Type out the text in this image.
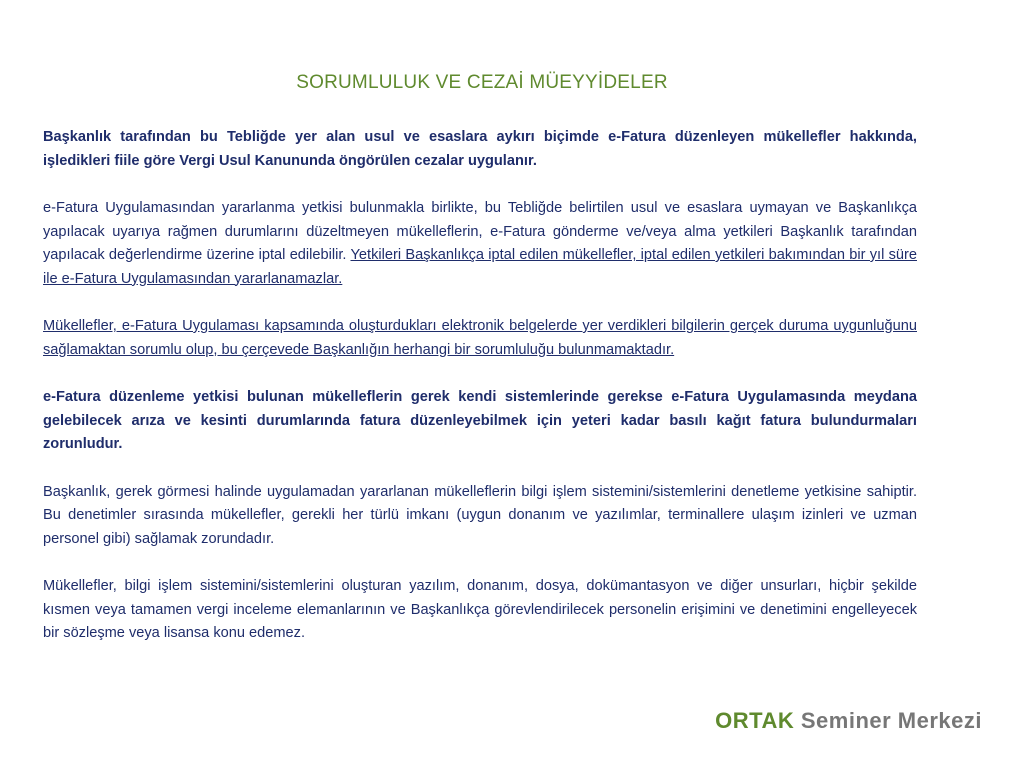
SORUMLULUK VE CEZAİ MÜEYYİDELER

Başkanlık tarafından bu Tebliğde yer alan usul ve esaslara aykırı biçimde e-Fatura düzenleyen mükellefler hakkında, işledikleri fiile göre Vergi Usul Kanununda öngörülen cezalar uygulanır.

e-Fatura Uygulamasından yararlanma yetkisi bulunmakla birlikte, bu Tebliğde belirtilen usul ve esaslara uymayan ve Başkanlıkça yapılacak uyarıya rağmen durumlarını düzeltmeyen mükelleflerin, e-Fatura gönderme ve/veya alma yetkileri Başkanlık tarafından yapılacak değerlendirme üzerine iptal edilebilir. Yetkileri Başkanlıkça iptal edilen mükellefler, iptal edilen yetkileri bakımından bir yıl süre ile e-Fatura Uygulamasından yararlanamazlar.

Mükellefler, e-Fatura Uygulaması kapsamında oluşturdukları elektronik belgelerde yer verdikleri bilgilerin gerçek duruma uygunluğunu sağlamaktan sorumlu olup, bu çerçevede Başkanlığın herhangi bir sorumluluğu bulunmamaktadır.

e-Fatura düzenleme yetkisi bulunan mükelleflerin gerek kendi sistemlerinde gerekse e-Fatura Uygulamasında meydana gelebilecek arıza ve kesinti durumlarında fatura düzenleyebilmek için yeteri kadar basılı kağıt fatura bulundurmaları zorunludur.

Başkanlık, gerek görmesi halinde uygulamadan yararlanan mükelleflerin bilgi işlem sistemini/sistemlerini denetleme yetkisine sahiptir. Bu denetimler sırasında mükellefler, gerekli her türlü imkanı (uygun donanım ve yazılımlar, terminallere ulaşım izinleri ve uzman personel gibi) sağlamak zorundadır.

Mükellefler, bilgi işlem sistemini/sistemlerini oluşturan yazılım, donanım, dosya, dokümantasyon ve diğer unsurları, hiçbir şekilde kısmen veya tamamen vergi inceleme elemanlarının ve Başkanlıkça görevlendirilecek personelin erişimini ve denetimini engelleyecek bir sözleşme veya lisansa konu edemez.

ORTAK Seminer Merkezi
